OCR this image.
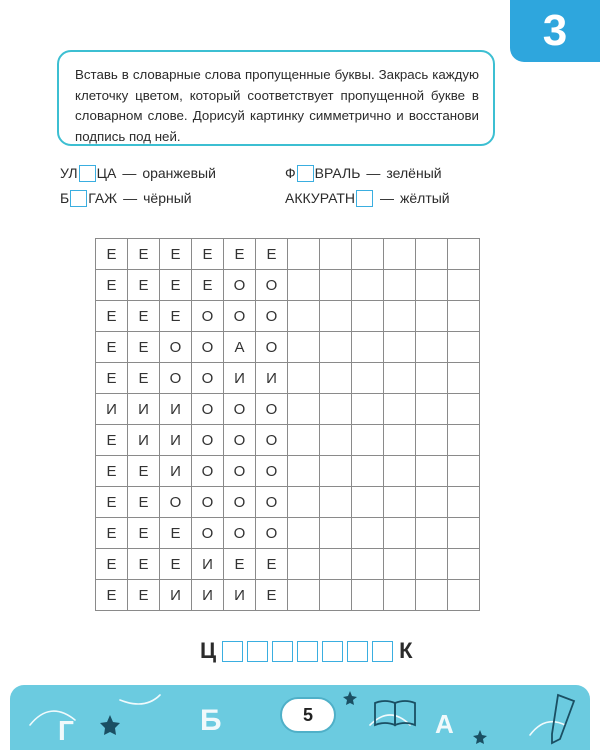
3
Вставь в словарные слова пропущенные буквы. Закрась каждую клеточку цветом, который соответствует пропущенной букве в словарном слове. Дорисуй картинку симметрично и восстанови подпись под ней.
УЛ ЦА — оранжевый	Ф ВРАЛЬ — зелёный
Б ГАЖ — чёрный	АККУРАТН — жёлтый
Е	Е	Е	Е	Е	Е						
Е	Е	Е	Е	О	О						
Е	Е	Е	О	О	О						
Е	Е	О	О	А	О						
Е	Е	О	О	И	И						
И	И	И	О	О	О						
Е	И	И	О	О	О						
Е	Е	И	О	О	О						
Е	Е	О	О	О	О						
Е	Е	Е	О	О	О						
Е	Е	Е	И	Е	Е						
Е	Е	И	И	И	Е						
Ц	К
Г	Б	А
5
